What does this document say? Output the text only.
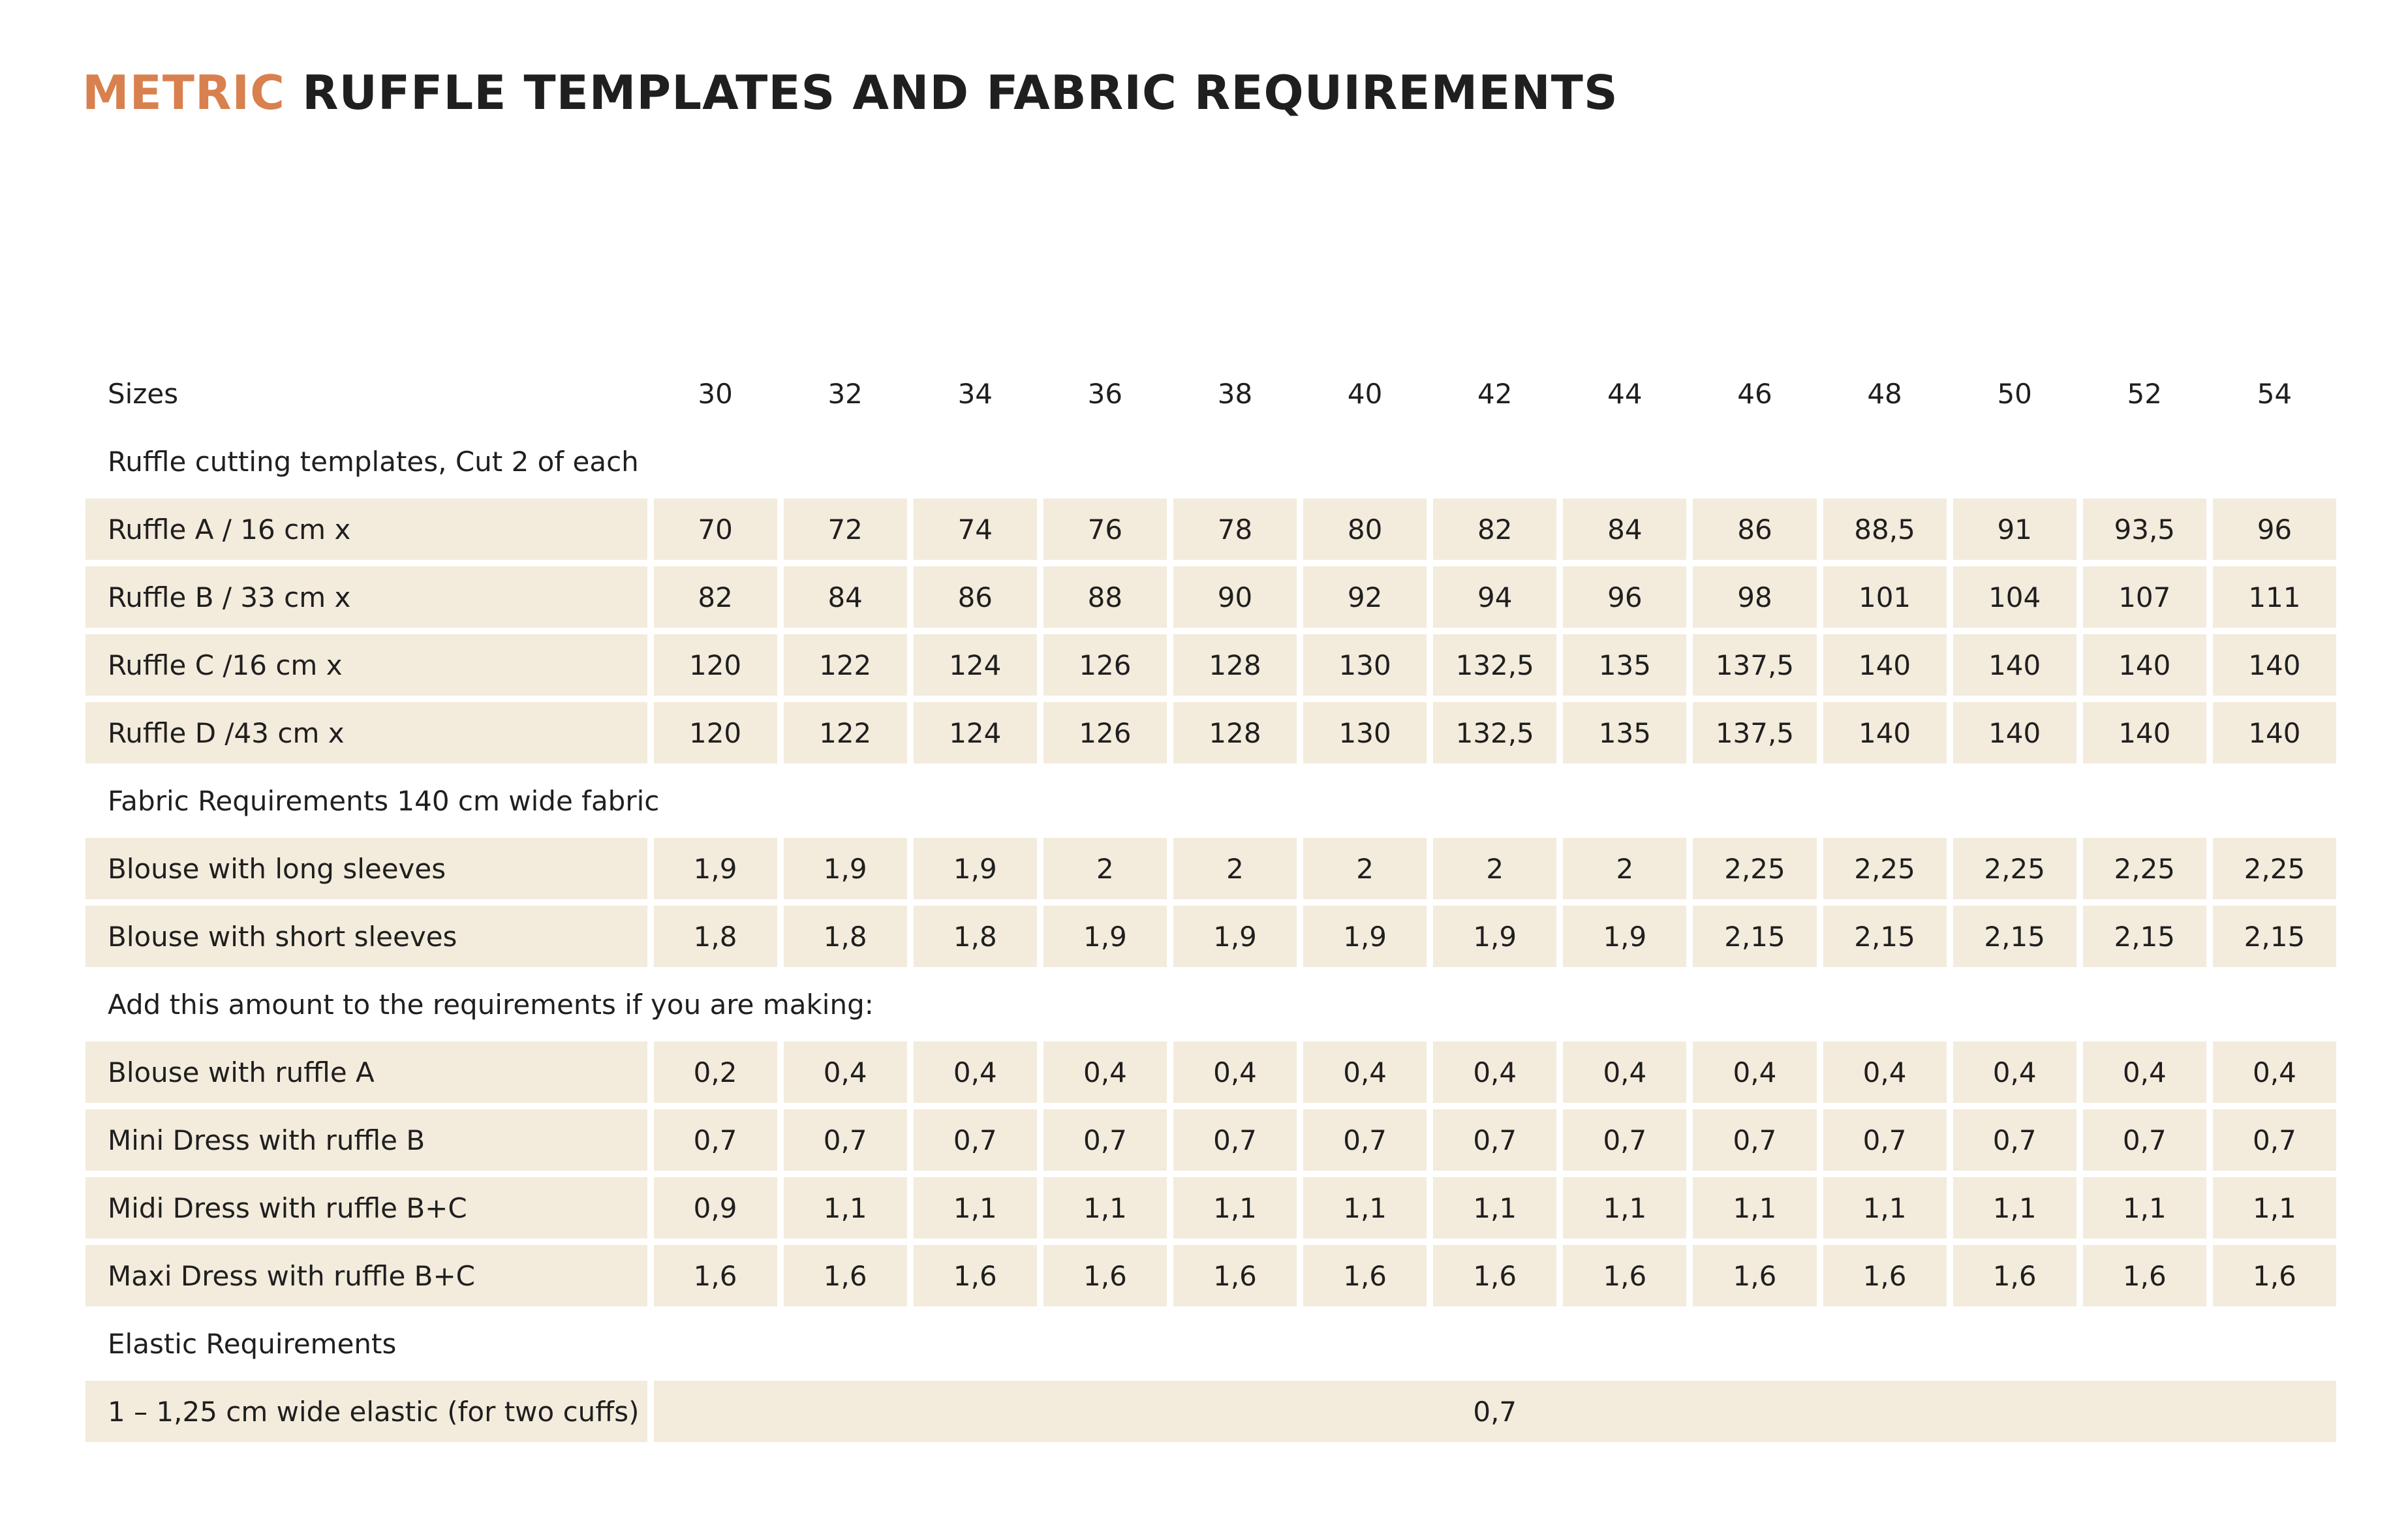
METRIC RUFFLE TEMPLATES AND FABRIC REQUIREMENTS
Sizes	30	32	34	36	38	40	42	44	46	48	50	52	54
Ruffle cutting templates, Cut 2 of each													
Ruffle A / 16 cm x	70	72	74	76	78	80	82	84	86	88,5	91	93,5	96
Ruffle B / 33 cm x	82	84	86	88	90	92	94	96	98	101	104	107	111
Ruffle C /16 cm x	120	122	124	126	128	130	132,5	135	137,5	140	140	140	140
Ruffle D /43 cm x	120	122	124	126	128	130	132,5	135	137,5	140	140	140	140
Fabric Requirements 140 cm wide fabric													
Blouse with long sleeves	1,9	1,9	1,9	2	2	2	2	2	2,25	2,25	2,25	2,25	2,25
Blouse with short sleeves	1,8	1,8	1,8	1,9	1,9	1,9	1,9	1,9	2,15	2,15	2,15	2,15	2,15
Add this amount to the requirements if you are making:													
Blouse with ruffle A	0,2	0,4	0,4	0,4	0,4	0,4	0,4	0,4	0,4	0,4	0,4	0,4	0,4
Mini Dress with ruffle B	0,7	0,7	0,7	0,7	0,7	0,7	0,7	0,7	0,7	0,7	0,7	0,7	0,7
Midi Dress with ruffle B+C	0,9	1,1	1,1	1,1	1,1	1,1	1,1	1,1	1,1	1,1	1,1	1,1	1,1
Maxi Dress with ruffle B+C	1,6	1,6	1,6	1,6	1,6	1,6	1,6	1,6	1,6	1,6	1,6	1,6	1,6
Elastic Requirements													
1 – 1,25 cm wide elastic (for two cuffs)	0,7												
